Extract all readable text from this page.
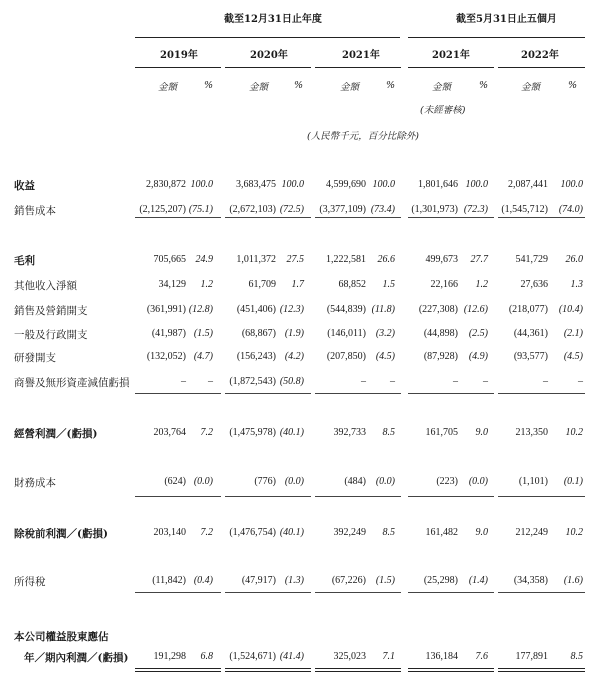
截至12月31日止年度	截至5月31日止五個月
2019年	2020年	2021年	2021年	2022年
金額	%	金額	%	金額	%	金額	%	金額	%
(未經審核)
(人民幣千元，百分比除外)
收益	2,830,872 100.0	3,683,475 100.0	4,599,690 100.0	1,801,646 100.0	2,087,441	100.0
銷售成本	(2,125,207) (75.1)	(2,672,103) (72.5)	(3,377,109) (73.4)	(1,301,973) (72.3)	(1,545,712)	(74.0)
毛利	705,665 24.9	1,011,372	27.5	1,222,581	26.6	499,673	27.7	541,729	26.0
其他收入淨額	34,129	1.2	61,709	1.7	68,852	1.5	22,166	1.2	27,636	1.3
銷售及營銷開支	(361,991) (12.8)	(451,406) (12.3)	(544,839) (11.8)	(227,308) (12.6)	(218,077)	(10.4)
一般及行政開支	(41,987) (1.5)	(68,867) (1.9)	(146,011) (3.2)	(44,898)	(2.5)	(44,361)	(2.1)
研發開支	(132,052) (4.7)	(156,243) (4.2)	(207,850) (4.5)	(87,928)	(4.9)	(93,577)	(4.5)
商譽及無形資產減值虧損	–	–	(1,872,543) (50.8)	–	–	–	–	–	–
經營利潤／(虧損)	203,764	7.2	(1,475,978) (40.1)	392,733	8.5	161,705	9.0	213,350	10.2
財務成本	(624) (0.0)	(776) (0.0)	(484) (0.0)	(223)	(0.0)	(1,101)	(0.1)
除稅前利潤／(虧損)	203,140	7.2	(1,476,754) (40.1)	392,249	8.5	161,482	9.0	212,249	10.2
所得稅	(11,842) (0.4)	(47,917) (1.3)	(67,226) (1.5)	(25,298)	(1.4)	(34,358)	(1.6)
本公司權益股東應佔
年／期內利潤／(虧損)	191,298	6.8	(1,524,671) (41.4)	325,023	7.1	136,184	7.6	177,891	8.5
